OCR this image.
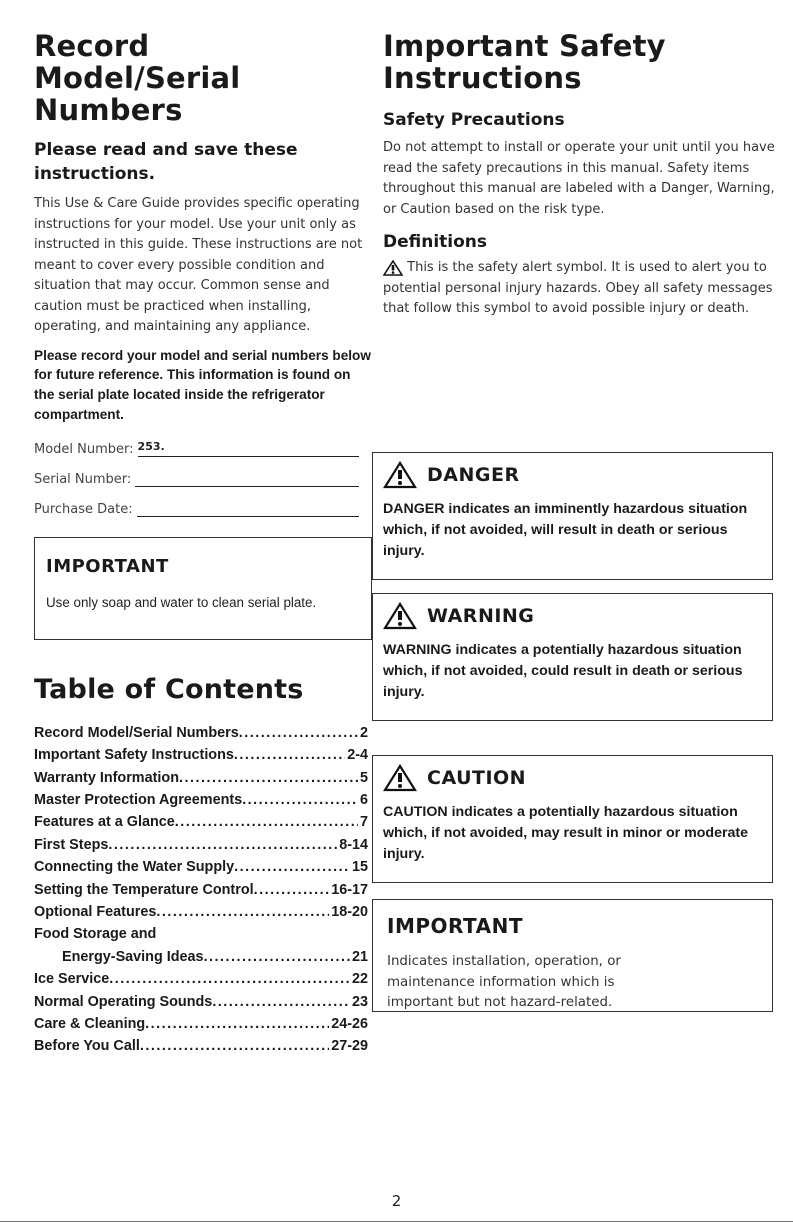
Record Model/Serial Numbers
Please read and save these instructions.

This Use & Care Guide provides specific operating instructions for your model. Use your unit only as instructed in this guide. These instructions are not meant to cover every possible condition and situation that may occur. Common sense and caution must be practiced when installing, operating, and maintaining any appliance.

Please record your model and serial numbers below for future reference. This information is found on the serial plate located inside the refrigerator compartment.

Model Number: 253.
Serial Number:
Purchase Date:

IMPORTANT

Use only soap and water to clean serial plate.

Table of Contents
Record Model/Serial Numbers .....	2
Important Safety Instructions .....	2-4
Warranty Information .....	5
Master Protection Agreements .....	6
Features at a Glance .....	7
First Steps .....	8-14
Connecting the Water Supply .....	15
Setting the Temperature Control .....	16-17
Optional Features .....	18-20
Food Storage and
Energy-Saving Ideas .....	21
Ice Service .....	22
Normal Operating Sounds .....	23
Care & Cleaning .....	24-26
Before You Call .....	27-29
Important Safety Instructions
Safety Precautions

Do not attempt to install or operate your unit until you have read the safety precautions in this manual. Safety items throughout this manual are labeled with a Danger, Warning, or Caution based on the risk type.

Definitions

This is the safety alert symbol. It is used to alert you to potential personal injury hazards. Obey all safety messages that follow this symbol to avoid possible injury or death.

DANGER

DANGER indicates an imminently hazardous situation which, if not avoided, will result in death or serious injury.

WARNING

WARNING indicates a potentially hazardous situation which, if not avoided, could result in death or serious injury.

CAUTION

CAUTION indicates a potentially hazardous situation which, if not avoided, may result in minor or moderate injury.

IMPORTANT

Indicates installation, operation, or maintenance information which is important but not hazard-related.

2
